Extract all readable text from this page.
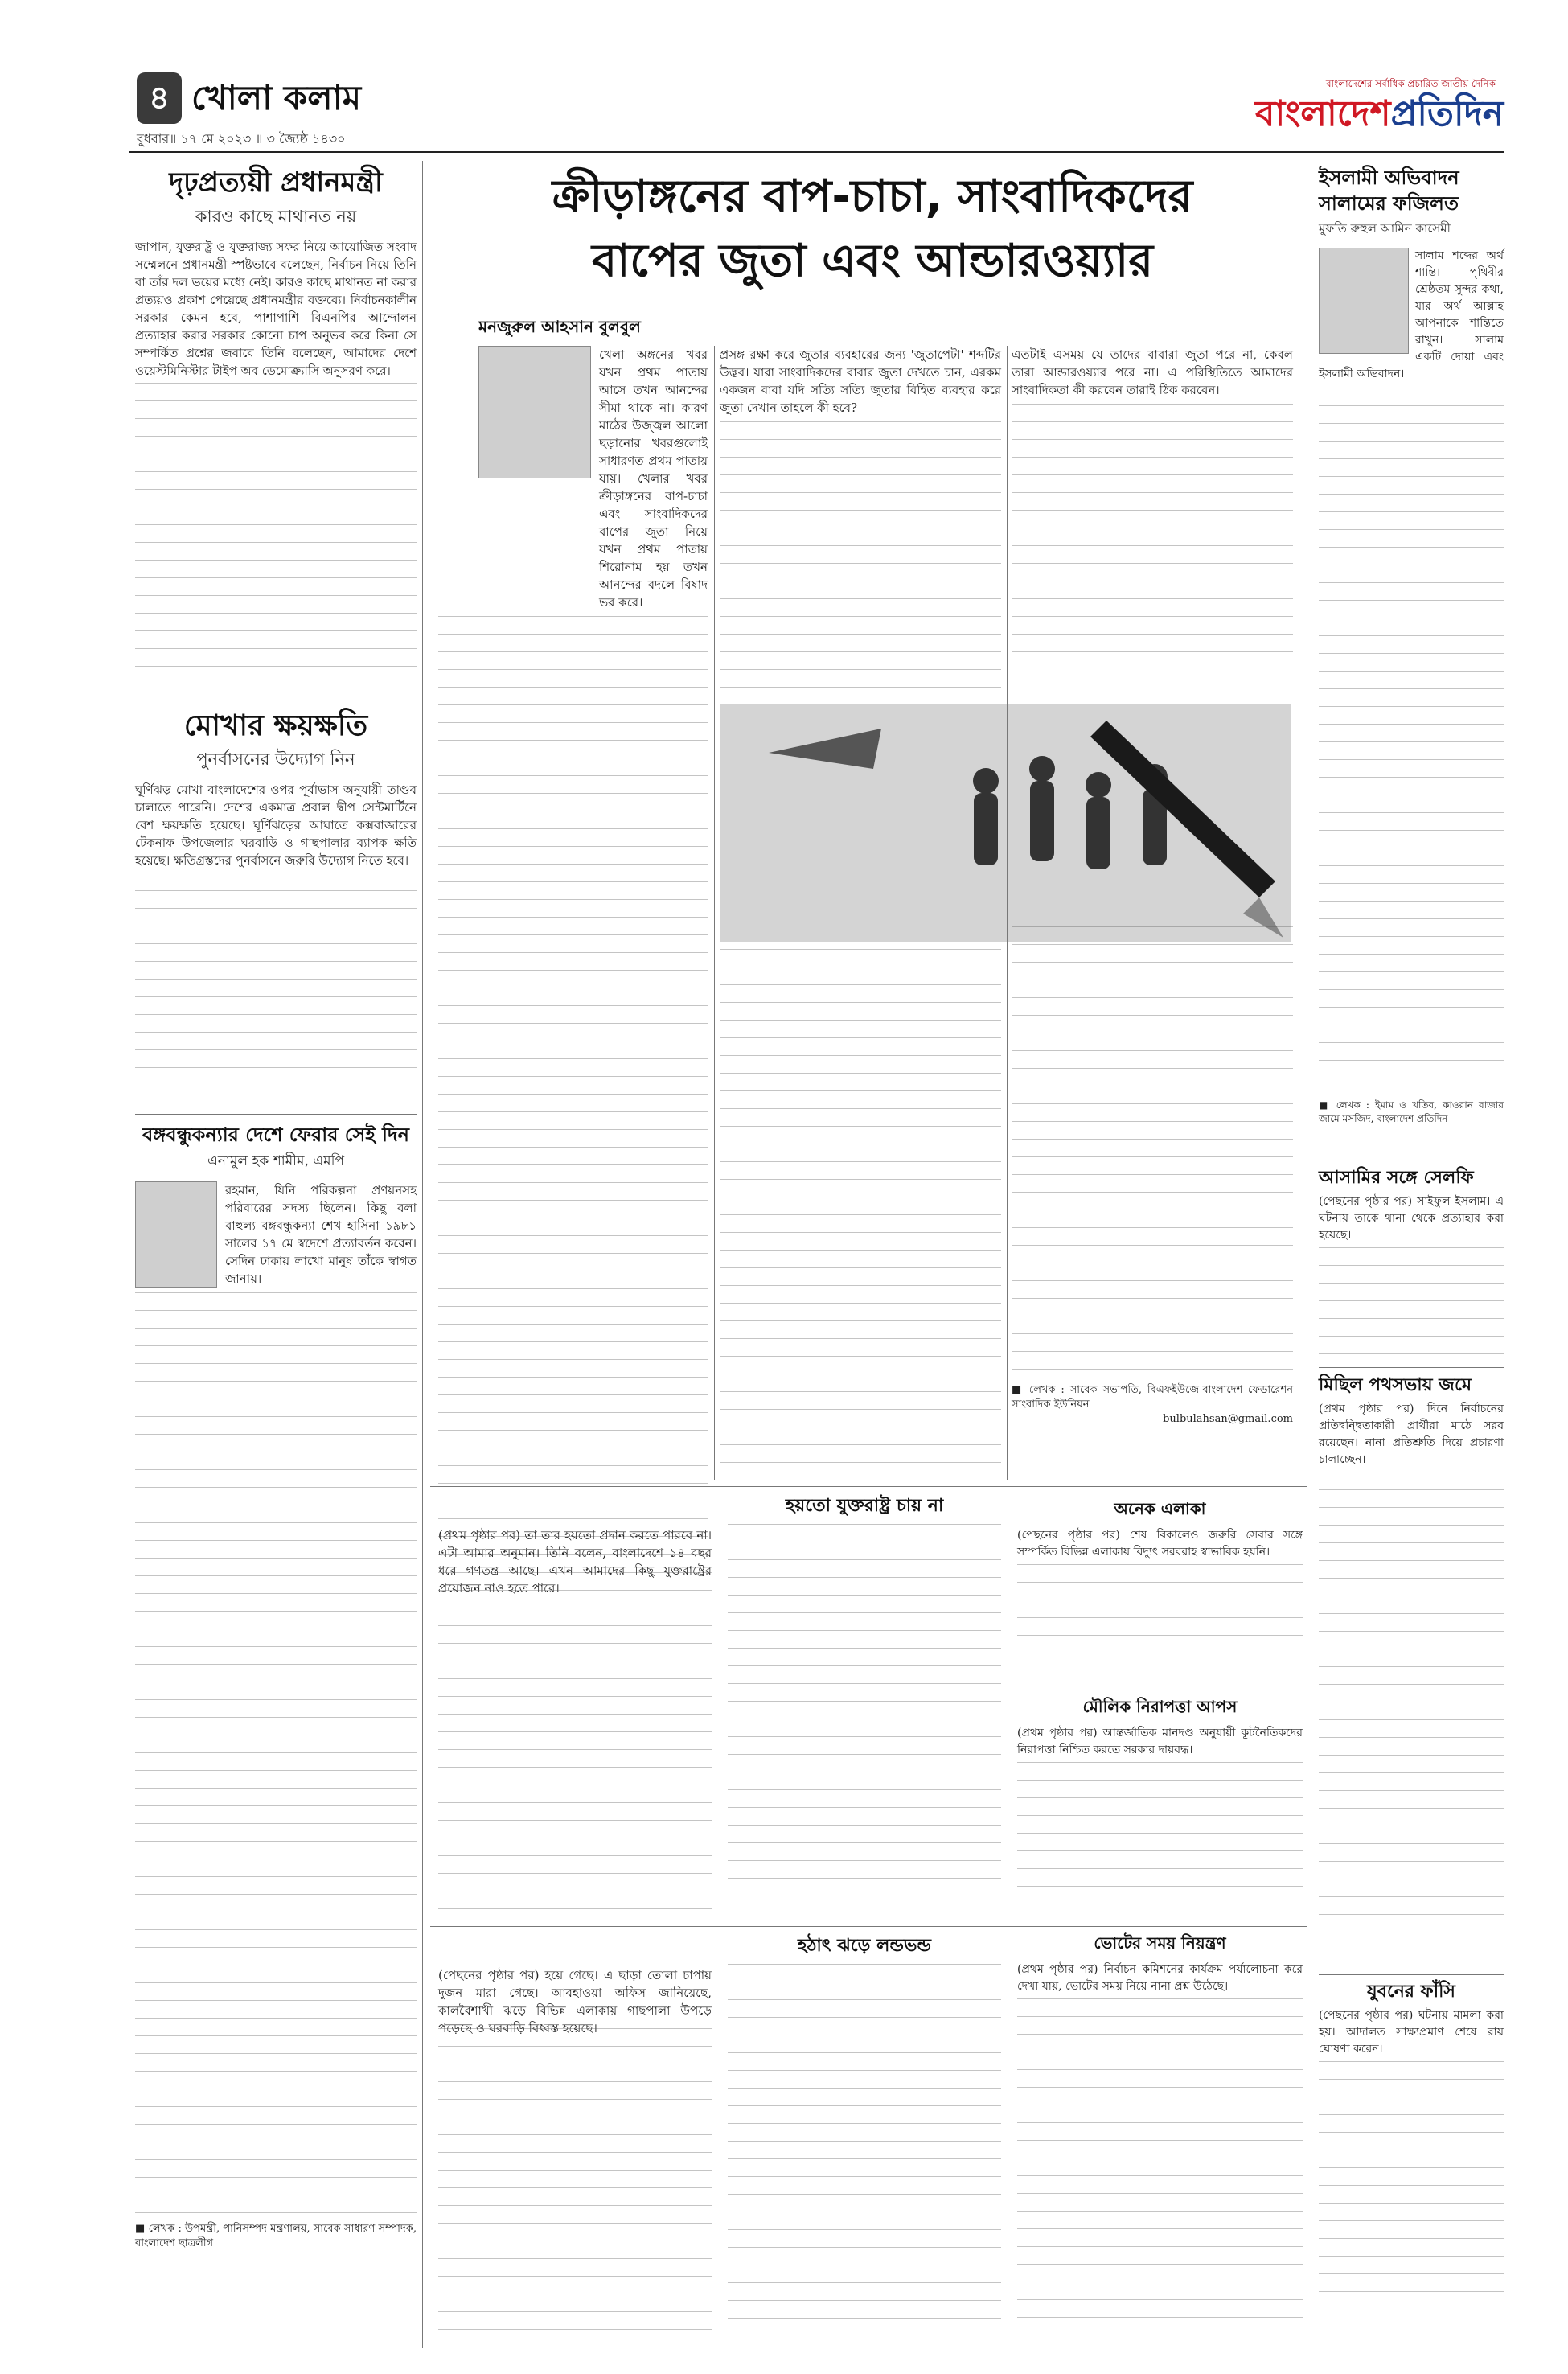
৪ খোলা কলাম
বুধবার॥ ১৭ মে ২০২৩ ॥ ৩ জ্যৈষ্ঠ ১৪৩০
বাংলাদেশের সর্বাধিক প্রচারিত জাতীয় দৈনিক
বাংলাদেশপ্রতিদিন
দৃঢ়প্রত্যয়ী প্রধানমন্ত্রী
কারও কাছে মাথানত নয়
জাপান, যুক্তরাষ্ট্র ও যুক্তরাজ্য সফর নিয়ে আয়োজিত সংবাদ সম্মেলনে প্রধানমন্ত্রী স্পষ্টভাবে বলেছেন, নির্বাচন নিয়ে তিনি বা তাঁর দল ভয়ের মধ্যে নেই। কারও কাছে মাথানত না করার প্রত্যয়ও প্রকাশ পেয়েছে প্রধানমন্ত্রীর বক্তব্যে। নির্বাচনকালীন সরকার কেমন হবে, পাশাপাশি বিএনপির আন্দোলন প্রত্যাহার করার সরকার কোনো চাপ অনুভব করে কিনা সে সম্পর্কিত প্রশ্নের জবাবে তিনি বলেছেন, আমাদের দেশে ওয়েস্টমিনিস্টার টাইপ অব ডেমোক্র্যাসি অনুসরণ করে।
মোখার ক্ষয়ক্ষতি
পুনর্বাসনের উদ্যোগ নিন
ঘূর্ণিঝড় মোখা বাংলাদেশের ওপর পূর্বাভাস অনুযায়ী তাণ্ডব চালাতে পারেনি। দেশের একমাত্র প্রবাল দ্বীপ সেন্টমার্টিনে বেশ ক্ষয়ক্ষতি হয়েছে। ঘূর্ণিঝড়ের আঘাতে কক্সবাজারের টেকনাফ উপজেলার ঘরবাড়ি ও গাছপালার ব্যাপক ক্ষতি হয়েছে। ক্ষতিগ্রস্তদের পুনর্বাসনে জরুরি উদ্যোগ নিতে হবে।
বঙ্গবন্ধুকন্যার দেশে ফেরার সেই দিন
এনামুল হক শামীম, এমপি
রহমান, যিনি পরিকল্পনা প্রণয়নসহ পরিবারের সদস্য ছিলেন। কিছু বলা বাহুল্য বঙ্গবন্ধুকন্যা শেখ হাসিনা ১৯৮১ সালের ১৭ মে স্বদেশে প্রত্যাবর্তন করেন। সেদিন ঢাকায় লাখো মানুষ তাঁকে স্বাগত জানায়।
■ লেখক : উপমন্ত্রী, পানিসম্পদ মন্ত্রণালয়, সাবেক সাধারণ সম্পাদক, বাংলাদেশ ছাত্রলীগ
ক্রীড়াঙ্গনের বাপ-চাচা, সাংবাদিকদের
বাপের জুতা এবং আন্ডারওয়্যার
মনজুরুল আহসান বুলবুল
খেলা অঙ্গনের খবর যখন প্রথম পাতায় আসে তখন আনন্দের সীমা থাকে না। কারণ মাঠের উজ্জ্বল আলো ছড়ানোর খবরগুলোই সাধারণত প্রথম পাতায় যায়। খেলার খবর ক্রীড়াঙ্গনের বাপ-চাচা এবং সাংবাদিকদের বাপের জুতা নিয়ে যখন প্রথম পাতায় শিরোনাম হয় তখন আনন্দের বদলে বিষাদ ভর করে।
প্রসঙ্গ রক্ষা করে জুতার ব্যবহারের জন্য 'জুতাপেটা' শব্দটির উদ্ভব। যারা সাংবাদিকদের বাবার জুতা দেখতে চান, এরকম একজন বাবা যদি সত্যি সত্যি জুতার বিহিত ব্যবহার করে জুতা দেখান তাহলে কী হবে?
এতটাই এসময় যে তাদের বাবারা জুতা পরে না, কেবল তারা আন্ডারওয়্যার পরে না। এ পরিস্থিতিতে আমাদের সাংবাদিকতা কী করবেন তারাই ঠিক করবেন।
■ লেখক : সাবেক সভাপতি, বিএফইউজে-বাংলাদেশ ফেডারেশন সাংবাদিক ইউনিয়ন
bulbulahsan@gmail.com
হয়তো যুক্তরাষ্ট্র চায় না
(প্রথম পৃষ্ঠার পর) তা তার হয়তো প্রদান করতে পারবে না। এটা আমার অনুমান। তিনি বলেন, বাংলাদেশে ১৪ বছর ধরে গণতন্ত্র আছে। এখন আমাদের কিছু যুক্তরাষ্ট্রের প্রয়োজন নাও হতে পারে।
হঠাৎ ঝড়ে লন্ডভন্ড
(পেছনের পৃষ্ঠার পর) হয়ে গেছে। এ ছাড়া তোলা চাপায় দুজন মারা গেছে। আবহাওয়া অফিস জানিয়েছে, কালবৈশাখী ঝড়ে বিভিন্ন এলাকায় গাছপালা উপড়ে পড়েছে ও ঘরবাড়ি বিধ্বস্ত হয়েছে।
ইসলামী অভিবাদন
সালামের ফজিলত
মুফতি রুহুল আমিন কাসেমী
সালাম শব্দের অর্থ শান্তি। পৃথিবীর শ্রেষ্ঠতম সুন্দর কথা, যার অর্থ আল্লাহ আপনাকে শান্তিতে রাখুন। সালাম একটি দোয়া এবং ইসলামী অভিবাদন।
■ লেখক : ইমাম ও খতিব, কাওরান বাজার জামে মসজিদ, বাংলাদেশ প্রতিদিন
আসামির সঙ্গে সেলফি
(পেছনের পৃষ্ঠার পর) সাইফুল ইসলাম। এ ঘটনায় তাকে থানা থেকে প্রত্যাহার করা হয়েছে।
মিছিল পথসভায় জমে
(প্রথম পৃষ্ঠার পর) দিনে নির্বাচনের প্রতিদ্বন্দ্বিতাকারী প্রার্থীরা মাঠে সরব রয়েছেন। নানা প্রতিশ্রুতি দিয়ে প্রচারণা চালাচ্ছেন।
যুবনের ফাঁসি
(পেছনের পৃষ্ঠার পর) ঘটনায় মামলা করা হয়। আদালত সাক্ষ্যপ্রমাণ শেষে রায় ঘোষণা করেন।
অনেক এলাকা
(পেছনের পৃষ্ঠার পর) শেষ বিকালেও জরুরি সেবার সঙ্গে সম্পর্কিত বিভিন্ন এলাকায় বিদ্যুৎ সরবরাহ স্বাভাবিক হয়নি।
মৌলিক নিরাপত্তা আপস
(প্রথম পৃষ্ঠার পর) আন্তর্জাতিক মানদণ্ড অনুযায়ী কূটনৈতিকদের নিরাপত্তা নিশ্চিত করতে সরকার দায়বদ্ধ।
ভোটের সময় নিয়ন্ত্রণ
(প্রথম পৃষ্ঠার পর) নির্বাচন কমিশনের কার্যক্রম পর্যালোচনা করে দেখা যায়, ভোটের সময় নিয়ে নানা প্রশ্ন উঠেছে।
